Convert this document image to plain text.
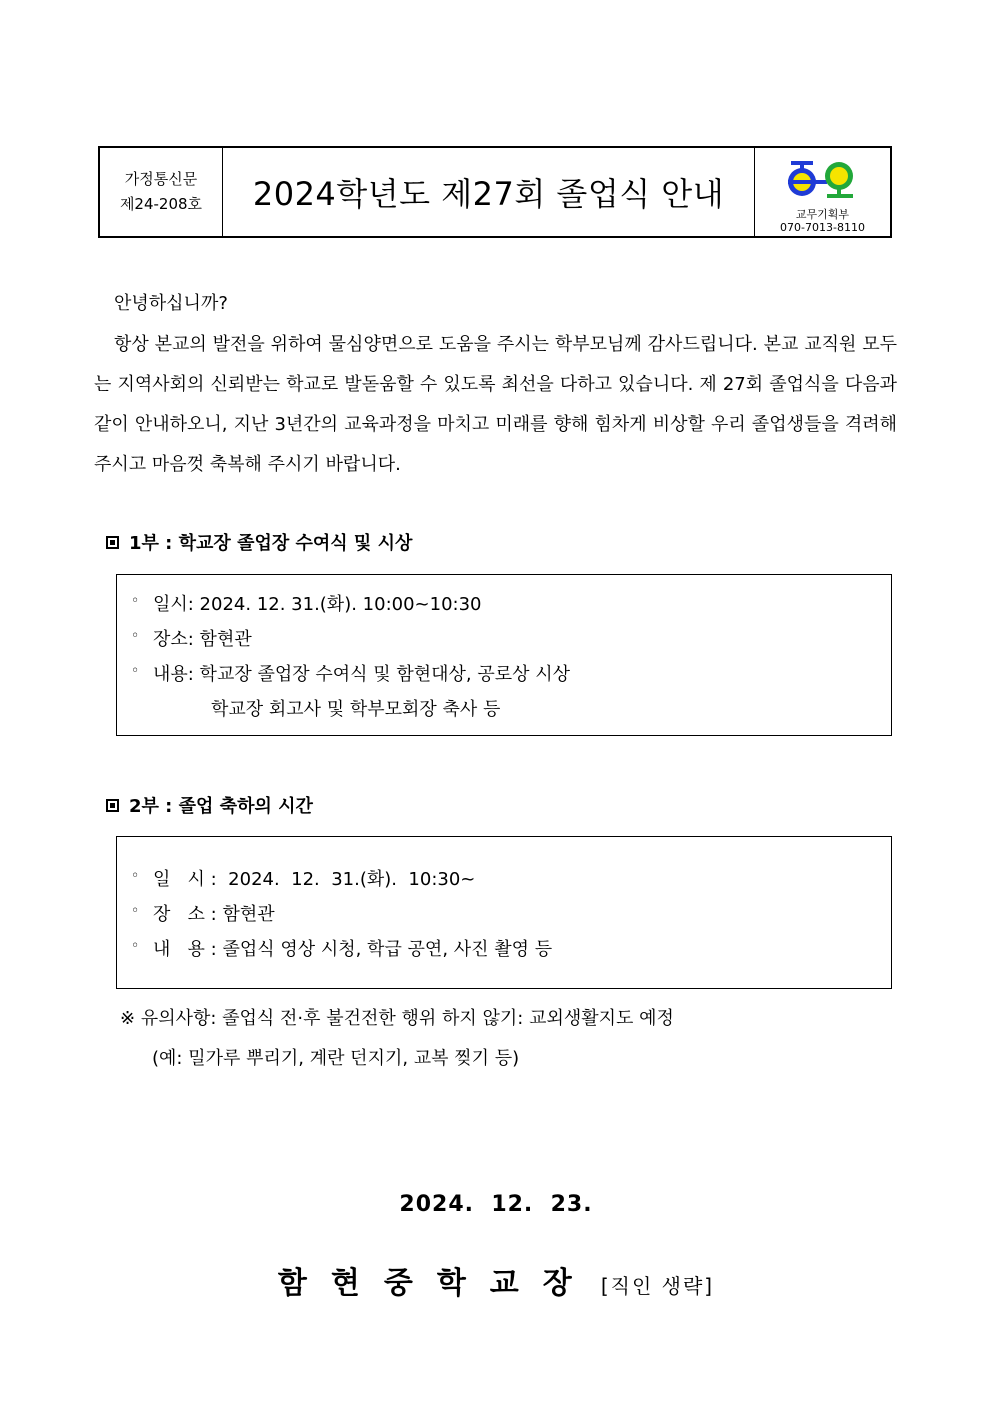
가정통신문
제24-208호	2024학년도 제27회 졸업식 안내
교무기획부
070-7013-8110
안녕하십니까?
항상 본교의 발전을 위하여 물심양면으로 도움을 주시는 학부모님께 감사드립니다. 본교 교직원 모두는 지역사회의 신뢰받는 학교로 발돋움할 수 있도록 최선을 다하고 있습니다. 제 27회 졸업식을 다음과 같이 안내하오니, 지난 3년간의 교육과정을 마치고 미래를 향해 힘차게 비상할 우리 졸업생들을 격려해주시고 마음껏 축복해 주시기 바랍니다.
1부 : 학교장 졸업장 수여식 및 시상
◦ 일시: 2024. 12. 31.(화). 10:00~10:30
◦ 장소: 함현관
◦ 내용: 학교장 졸업장 수여식 및 함현대상, 공로상 시상
학교장 회고사 및 학부모회장 축사 등
2부 : 졸업 축하의 시간
◦ 일   시 :  2024.  12.  31.(화).  10:30~
◦ 장   소 : 함현관
◦ 내   용 : 졸업식 영상 시청, 학급 공연, 사진 촬영 등
※ 유의사항: 졸업식 전·후 불건전한 행위 하지 않기: 교외생활지도 예정
(예: 밀가루 뿌리기, 계란 던지기, 교복 찢기 등)
2024.  12.  23.
함현중학교장 [직인 생략]
